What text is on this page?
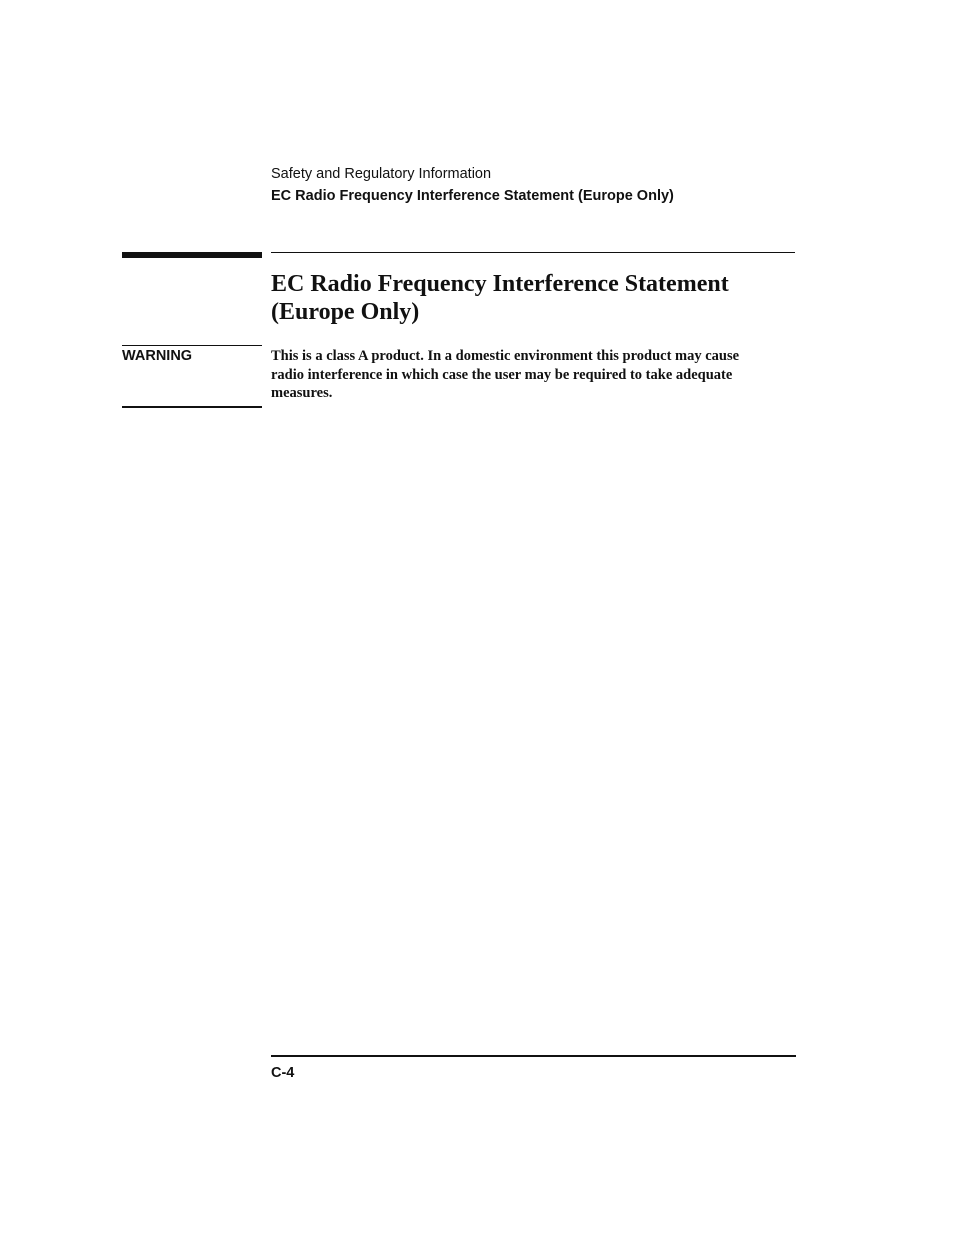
Safety and Regulatory Information
EC Radio Frequency Interference Statement (Europe Only)
EC Radio Frequency Interference Statement
(Europe Only)
WARNING	This is a class A product. In a domestic environment this product may cause
radio interference in which case the user may be required to take adequate
measures.

C-4
